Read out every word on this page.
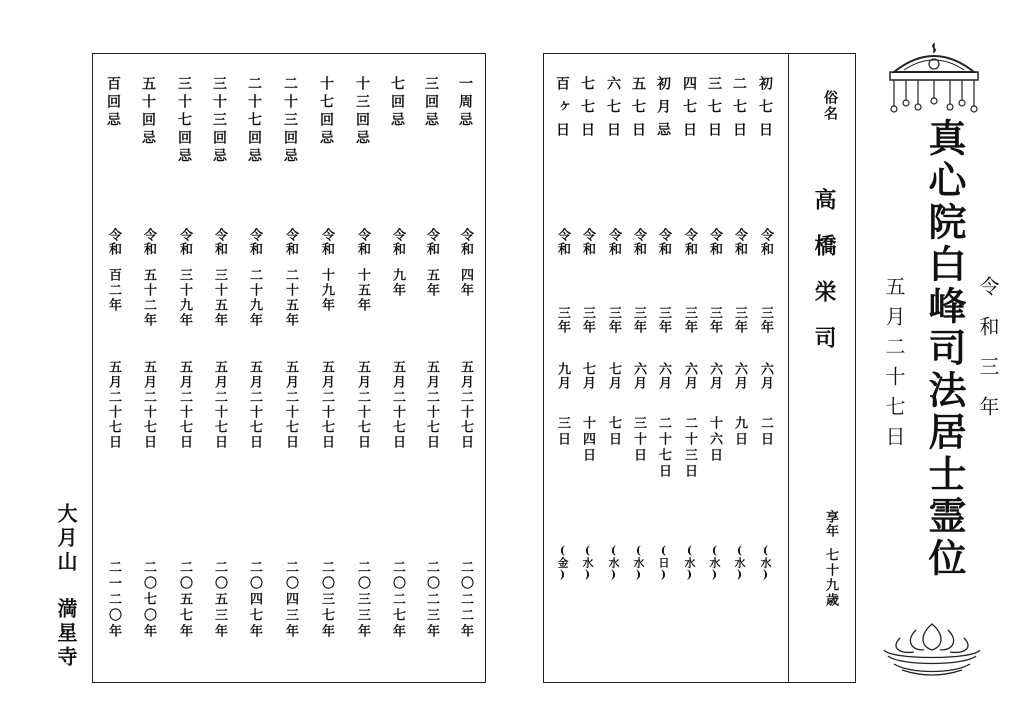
真心院白峰司法居士霊位 令和三年
五月二十七日
俗名
高橋栄司
享年
七十九歳
初七日
令和
三年
六月
二日
(水)
二七日
令和
三年
六月
九日
(水)
三七日
令和
三年
六月
十六日
(水)
四七日
令和
三年
六月
二十三日
(水)
初月忌
令和
三年
六月
二十七日
(日)
五七日
令和
三年
六月
三十日
(水)
六七日
令和
三年
七月
七日
(水)
七七日
令和
三年
七月
十四日
(水)
百ヶ日
令和
三年
九月
三日
(金)
一周忌
令和
四年
五月二十七日
二〇二二年
三回忌
令和
五年
五月二十七日
二〇二三年
七回忌
令和
九年
五月二十七日
二〇二七年
十三回忌
令和
十五年
五月二十七日
二〇三三年
十七回忌
令和
十九年
五月二十七日
二〇三七年
二十三回忌
令和
二十五年
五月二十七日
二〇四三年
二十七回忌
令和
二十九年
五月二十七日
二〇四七年
三十三回忌
令和
三十五年
五月二十七日
二〇五三年
三十七回忌
令和
三十九年
五月二十七日
二〇五七年
五十回忌
令和
五十二年
五月二十七日
二〇七〇年
百回忌
令和
百二年
五月二十七日
二一二〇年
大月山
満星寺
